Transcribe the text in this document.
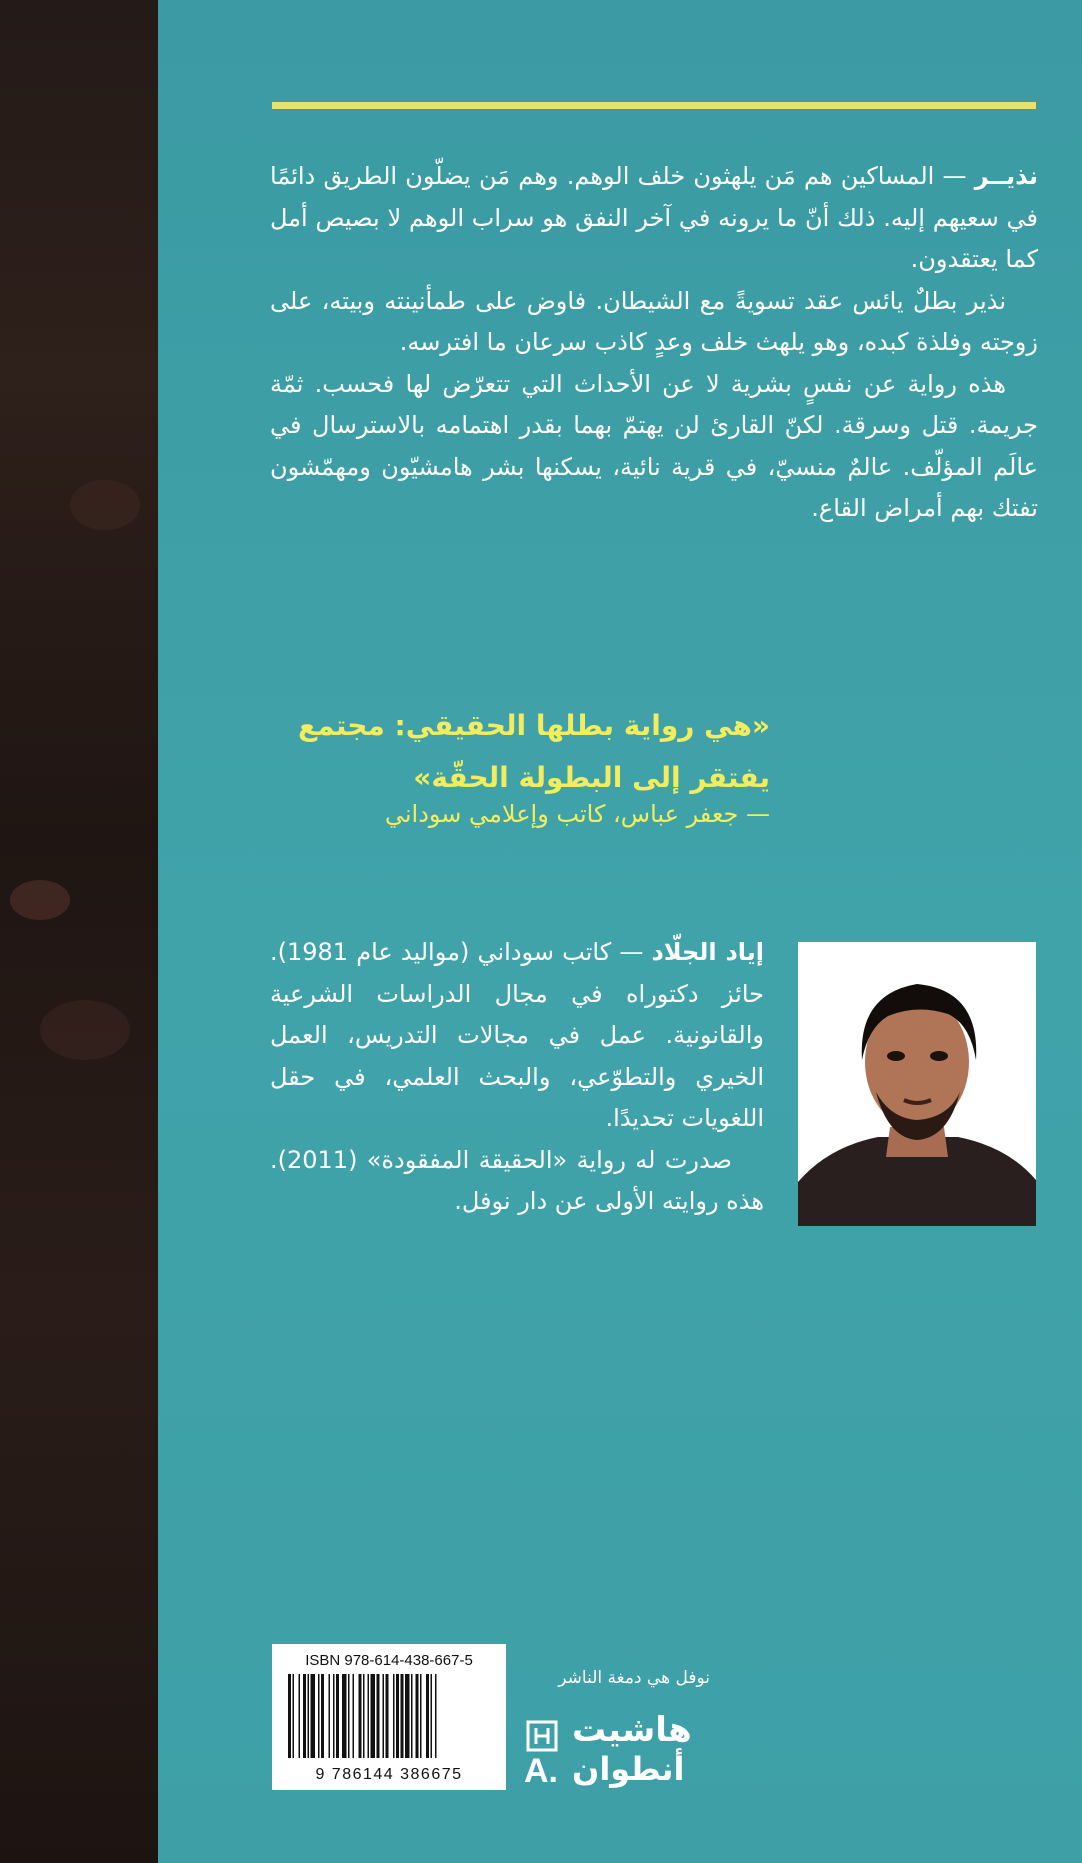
نذيــر — المساكين هم مَن يلهثون خلف الوهم. وهم مَن يضلّون الطريق دائمًا في سعيهم إليه. ذلك أنّ ما يرونه في آخر النفق هو سراب الوهم لا بصيص أمل كما يعتقدون.

نذير بطلٌ يائس عقد تسويةً مع الشيطان. فاوض على طمأنينته وبيته، على زوجته وفلذة كبده، وهو يلهث خلف وعدٍ كاذب سرعان ما افترسه.

هذه رواية عن نفسٍ بشرية لا عن الأحداث التي تتعرّض لها فحسب. ثمّة جريمة. قتل وسرقة. لكنّ القارئ لن يهتمّ بهما بقدر اهتمامه بالاسترسال في عالَم المؤلّف. عالمٌ منسيّ، في قرية نائية، يسكنها بشر هامشيّون ومهمّشون تفتك بهم أمراض القاع.

«هي رواية بطلها الحقيقي: مجتمع

يفتقر إلى البطولة الحقّة»

— جعفر عباس، كاتب وإعلامي سوداني

إياد الجلّاد — كاتب سوداني (مواليد عام 1981). حائز دكتوراه في مجال الدراسات الشرعية والقانونية. عمل في مجالات التدريس، العمل الخيري والتطوّعي، والبحث العلمي، في حقل اللغويات تحديدًا.

صدرت له رواية «الحقيقة المفقودة» (2011). هذه روايته الأولى عن دار نوفل.

ISBN 978-614-438-667-5
9 786144 386675
نوفل هي دمغة الناشر
هاشيت
A. أنطوان
